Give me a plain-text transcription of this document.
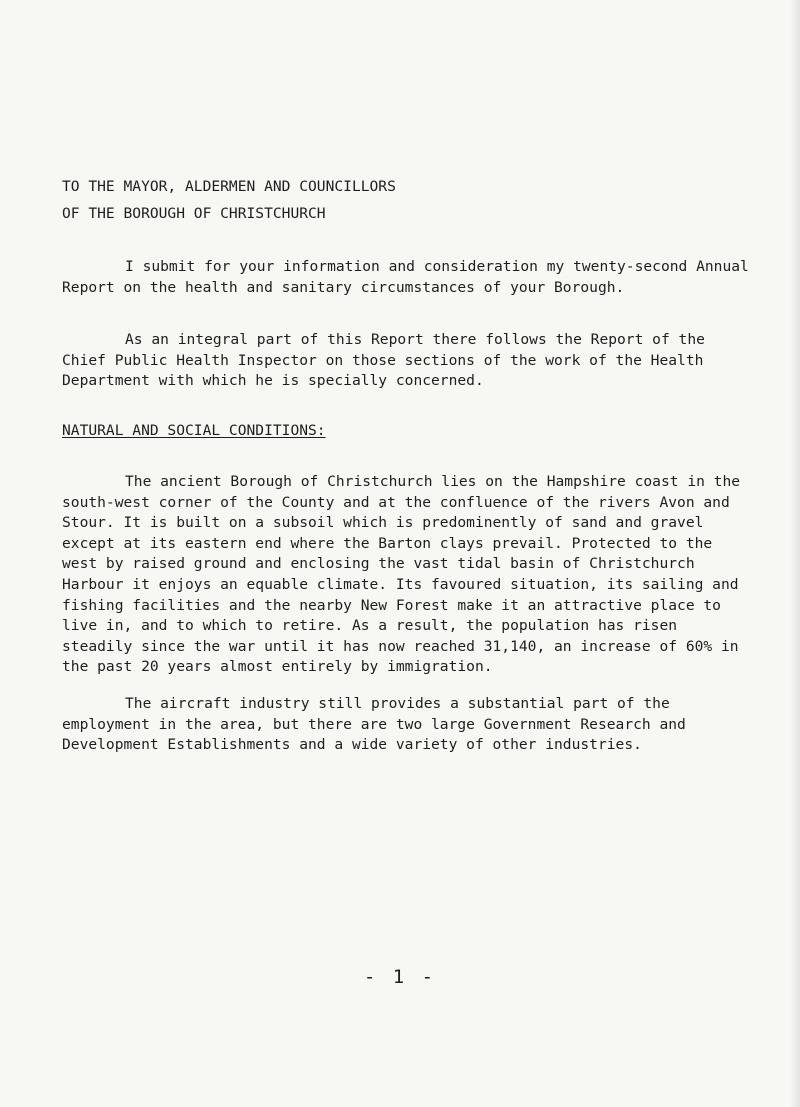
TO THE MAYOR, ALDERMEN AND COUNCILLORS
OF THE BOROUGH OF CHRISTCHURCH

I submit for your information and consideration my twenty-second Annual Report on the health and sanitary circumstances of your Borough.

As an integral part of this Report there follows the Report of the Chief Public Health Inspector on those sections of the work of the Health Department with which he is specially concerned.

NATURAL AND SOCIAL CONDITIONS:

The ancient Borough of Christchurch lies on the Hampshire coast in the south-west corner of the County and at the confluence of the rivers Avon and Stour. It is built on a subsoil which is predominently of sand and gravel except at its eastern end where the Barton clays prevail. Protected to the west by raised ground and enclosing the vast tidal basin of Christchurch Harbour it enjoys an equable climate. Its favoured situation, its sailing and fishing facilities and the nearby New Forest make it an attractive place to live in, and to which to retire. As a result, the population has risen steadily since the war until it has now reached 31,140, an increase of 60% in the past 20 years almost entirely by immigration.

The aircraft industry still provides a substantial part of the employment in the area, but there are two large Government Research and Development Establishments and a wide variety of other industries.

- 1 -
